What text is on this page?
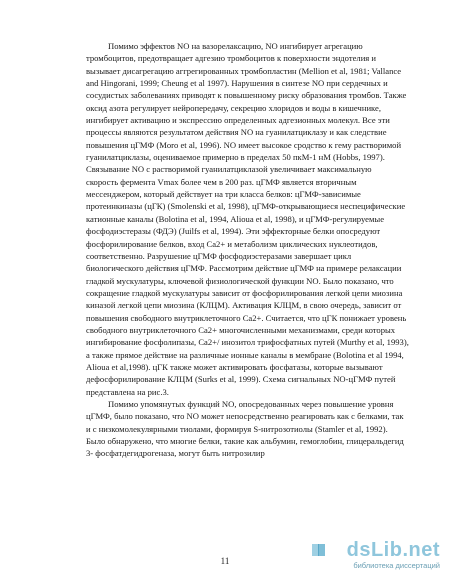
Помимо эффектов NO на вазорелаксацию, NO ингибирует агрегацию
тромбоцитов, предотвращает адгезию тромбоцитов к поверхности эндотелия и
вызывает дисагрегацию аггрегированных тромбопластин (Mellion et al, 1981; Vallance
and Hingorani, 1999; Cheung et al 1997). Нарушения в синтезе NO при сердечных и
сосудистых заболеваниях приводят к повышенному риску образования тромбов. Также
оксид азота регулирует нейропередачу, секрецию хлоридов и воды в кишечнике,
ингибирует активацию и экспрессию определенных адгезионных молекул. Все эти
процессы являются результатом действия NO на гуанилатциклазу и как следствие
повышения цГМФ (Moro et al, 1996). NO имеет высокое сродство к гему растворимой
гуанилатциклазы, оцениваемое примерно в пределах 50 пкМ-1 нМ (Hobbs, 1997).
Связывание NO с растворимой гуанилатциклазой увеличивает максимальную
скорость фермента Vmax более чем в 200 раз. цГМФ является вторичным
мессенджером, который действует на три класса белков: цГМФ-зависимые
протеинкиназы (цГК) (Smolenski et al, 1998), цГМФ-открывающиеся неспецифические
катионные каналы (Bolotina et al, 1994, Alioua et al, 1998), и цГМФ-регулируемые
фосфодиэстеразы (ФДЭ) (Juilfs et al, 1994). Эти эффекторные белки опосредуют
фосфорилирование белков, вход Ca2+ и метаболизм циклических нуклеотидов,
соответственно. Разрушение цГМФ фосфодиэстеразами завершает цикл
биологического действия цГМФ. Рассмотрим действие цГМФ на примере релаксации
гладкой мускулатуры, ключевой физиологической функции NO. Было показано, что
сокращение гладкой мускулатуры зависит от фосфорилирования легкой цепи миозина
киназой легкой цепи миозина (КЛЦМ). Активация КЛЦМ, в свою очередь, зависит от
повышения свободного внутриклеточного Ca2+. Считается, что цГК понижает уровень
свободного внутриклеточного Ca2+ многочисленными механизмами, среди которых
ингибирование фосфолипазы, Ca2+/ инозитол трифосфатных путей (Murthy et al, 1993),
а также прямое действие на различные ионные каналы в мембране (Bolotina et al 1994,
Alioua et al,1998). цГК также может активировать фосфатазы, которые вызывают
дефосфорилирование КЛЦМ (Surks et al, 1999). Схема сигнальных NO-цГМФ путей
представлена на рис.3.

Помимо упомянутых функций NO, опосредованных через повышение уровня
цГМФ, было показано, что NO может непосредственно реагировать как с белками, так
и с низкомолекулярными тиолами, формируя S-нитрозотиолы (Stamler et al, 1992).
Было обнаружено, что многие белки, такие как альбумин, гемоглобин, глицеральдегид
3- фосфатдегидрогеназа, могут быть нитрозилир

11	dsLib.net
библиотека диссертаций
